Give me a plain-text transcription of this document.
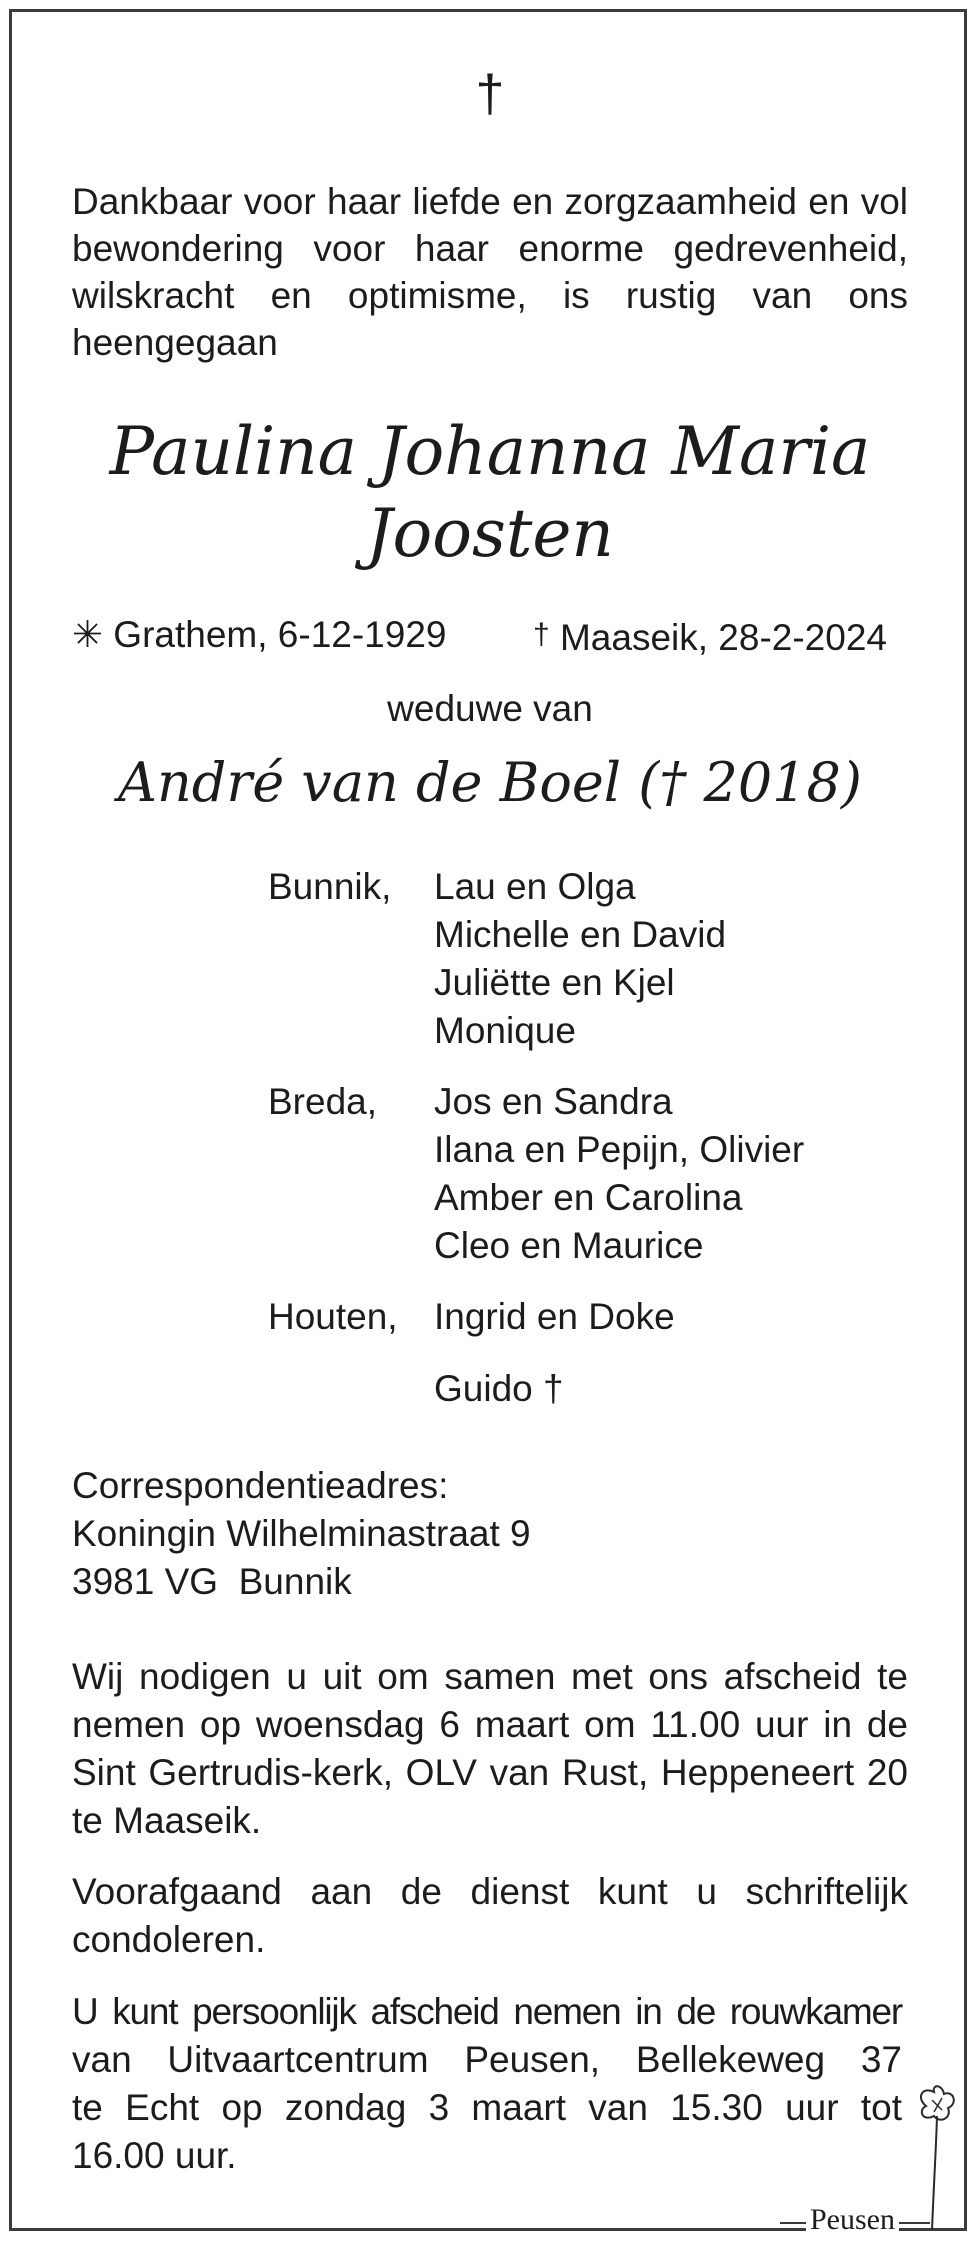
†
Dankbaar voor haar liefde en zorgzaamheid en vol
bewondering voor haar enorme gedrevenheid,
wilskracht en optimisme, is rustig van ons
heengegaan
Paulina Johanna Maria
Joosten
✳ Grathem, 6-12-1929	† Maaseik, 28-2-2024
weduwe van
André van de Boel († 2018)
Bunnik, Lau en Olga
Michelle en David
Juliëtte en Kjel
Monique
Breda, Jos en Sandra
Ilana en Pepijn, Olivier
Amber en Carolina
Cleo en Maurice
Houten, Ingrid en Doke
Guido †
Correspondentieadres:
Koningin Wilhelminastraat 9
3981 VG  Bunnik
Wij nodigen u uit om samen met ons afscheid te
nemen op woensdag 6 maart om 11.00 uur in de
Sint Gertrudis-kerk, OLV van Rust, Heppeneert 20
te Maaseik.
Voorafgaand aan de dienst kunt u schriftelijk
condoleren.
U kunt persoonlijk afscheid nemen in de rouwkamer
van Uitvaartcentrum Peusen, Bellekeweg 37
te Echt op zondag 3 maart van 15.30 uur tot
16.00 uur.
Peusen
